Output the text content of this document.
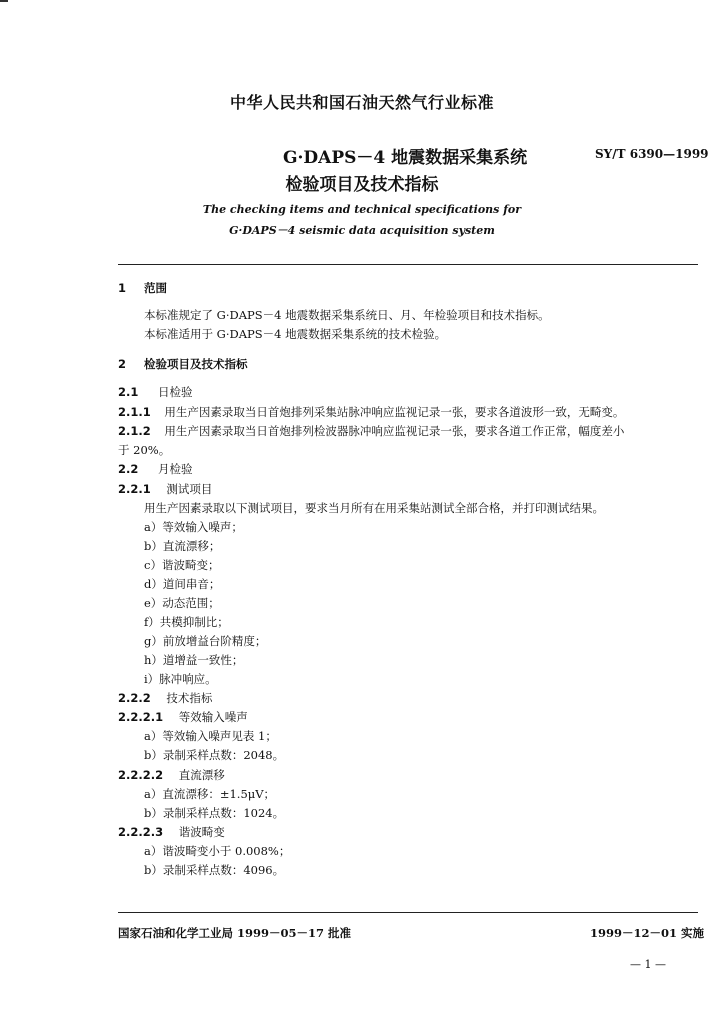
中华人民共和国石油天然气行业标准
G·DAPS－4 地震数据采集系统	SY/T 6390—1999
检验项目及技术指标
The checking items and technical specifications for
G·DAPS－4 seismic data acquisition system
1 范围
本标准规定了 G·DAPS－4 地震数据采集系统日、月、年检验项目和技术指标。
本标准适用于 G·DAPS－4 地震数据采集系统的技术检验。
2 检验项目及技术指标
2.1 日检验
2.1.1 用生产因素录取当日首炮排列采集站脉冲响应监视记录一张，要求各道波形一致，无畸变。
2.1.2 用生产因素录取当日首炮排列检波器脉冲响应监视记录一张，要求各道工作正常，幅度差小
于 20%。
2.2 月检验
2.2.1 测试项目
用生产因素录取以下测试项目，要求当月所有在用采集站测试全部合格，并打印测试结果。
a）等效输入噪声；
b）直流漂移；
c）谐波畸变；
d）道间串音；
e）动态范围；
f）共模抑制比；
g）前放增益台阶精度；
h）道增益一致性；
i）脉冲响应。
2.2.2 技术指标
2.2.2.1 等效输入噪声
a）等效输入噪声见表 1；
b）录制采样点数：2048。
2.2.2.2 直流漂移
a）直流漂移：±1.5μV；
b）录制采样点数：1024。
2.2.2.3 谐波畸变
a）谐波畸变小于 0.008%；
b）录制采样点数：4096。
国家石油和化学工业局 1999－05－17 批准	1999－12－01 实施
— 1 —
